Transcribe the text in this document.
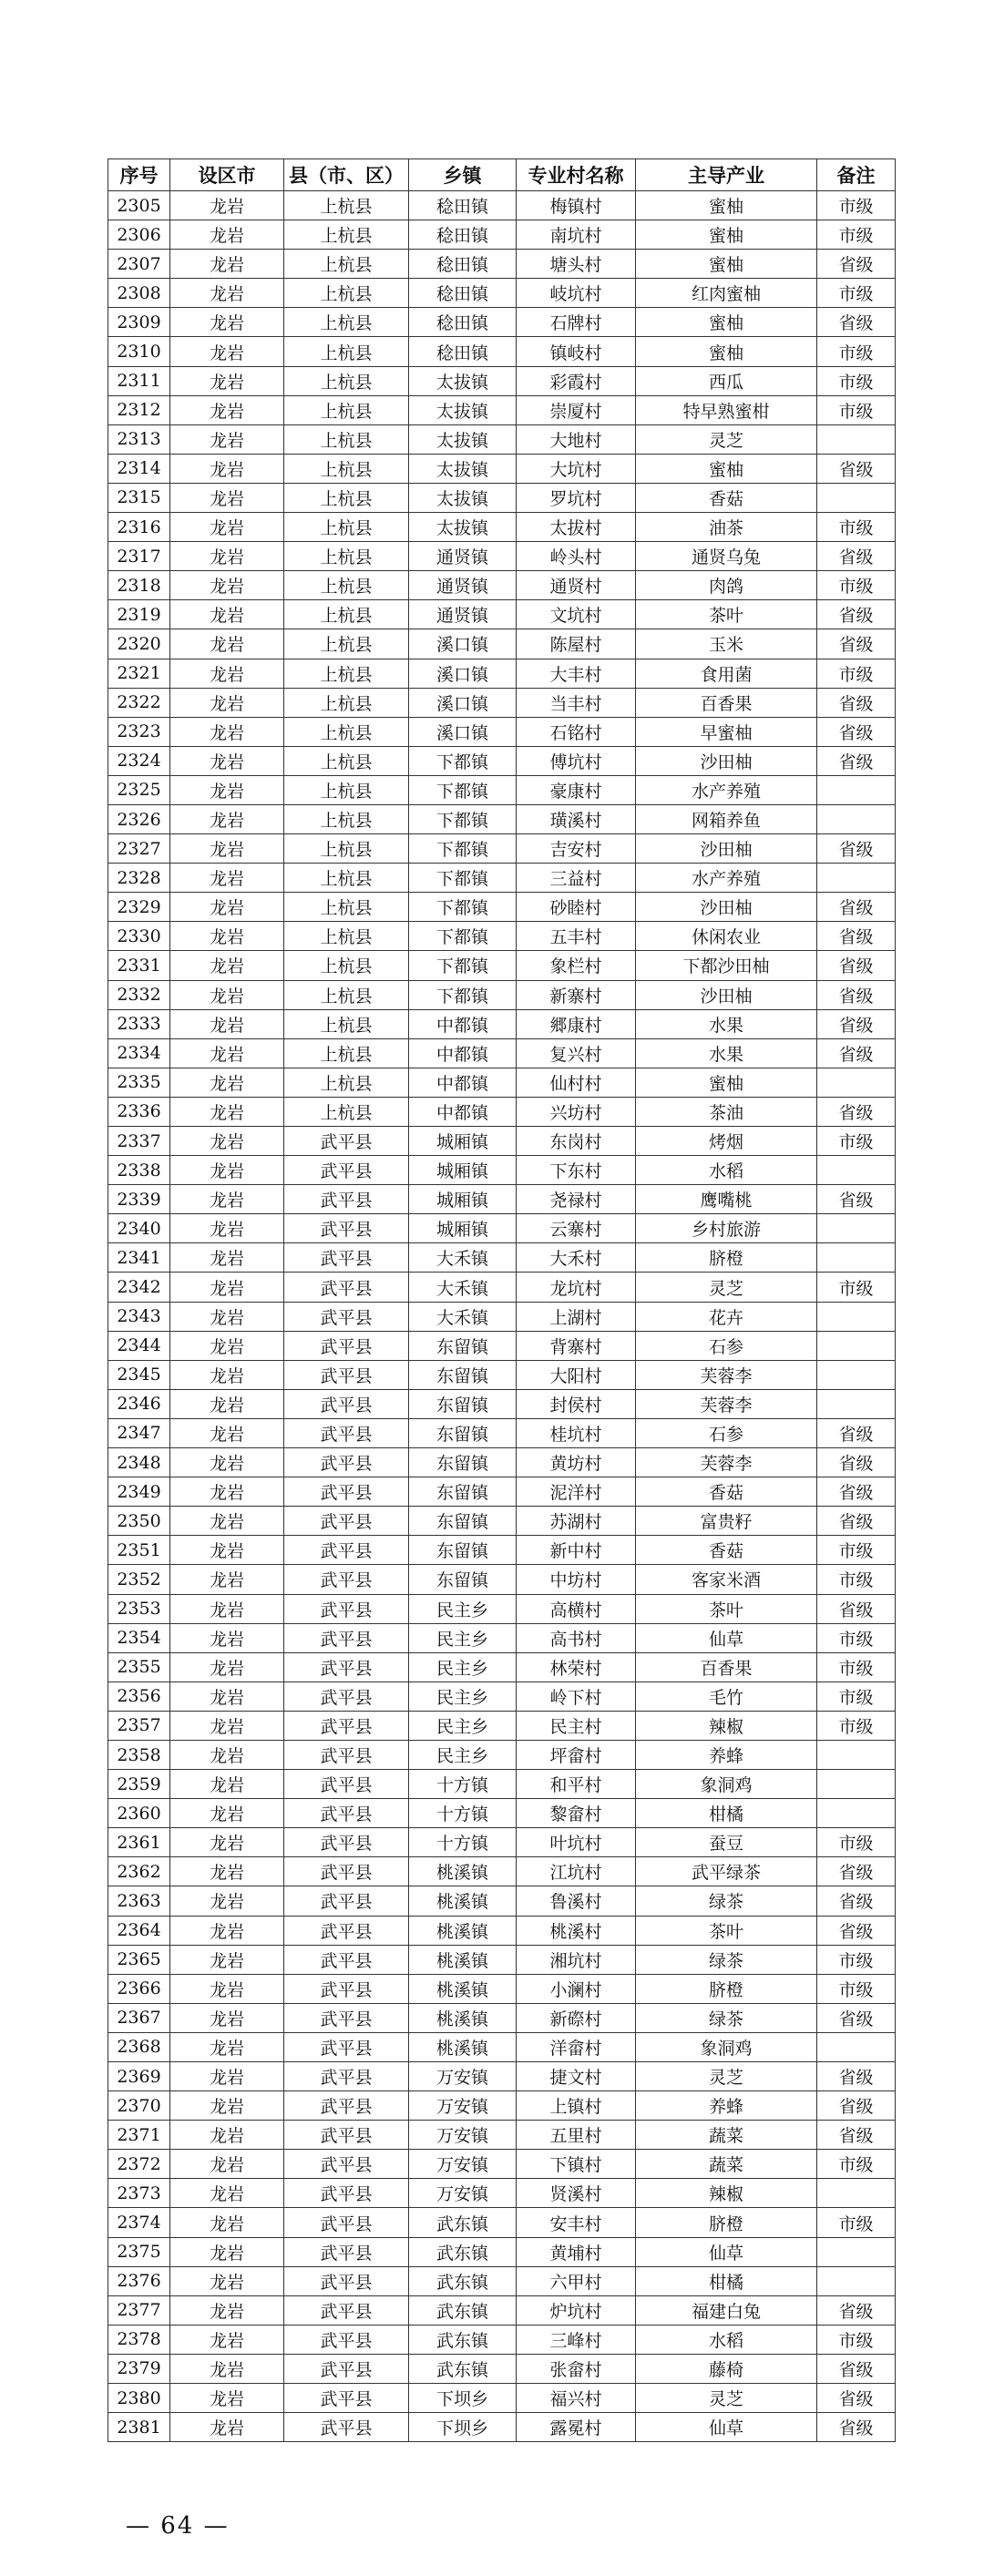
序号	设区市	县（市、区）	乡镇	专业村名称	主导产业	备注
2305	龙岩	上杭县	稔田镇	梅镇村	蜜柚	市级
2306	龙岩	上杭县	稔田镇	南坑村	蜜柚	市级
2307	龙岩	上杭县	稔田镇	塘头村	蜜柚	省级
2308	龙岩	上杭县	稔田镇	岐坑村	红肉蜜柚	市级
2309	龙岩	上杭县	稔田镇	石牌村	蜜柚	省级
2310	龙岩	上杭县	稔田镇	镇岐村	蜜柚	市级
2311	龙岩	上杭县	太拔镇	彩霞村	西瓜	市级
2312	龙岩	上杭县	太拔镇	崇厦村	特早熟蜜柑	市级
2313	龙岩	上杭县	太拔镇	大地村	灵芝	
2314	龙岩	上杭县	太拔镇	大坑村	蜜柚	省级
2315	龙岩	上杭县	太拔镇	罗坑村	香菇	
2316	龙岩	上杭县	太拔镇	太拔村	油茶	市级
2317	龙岩	上杭县	通贤镇	岭头村	通贤乌兔	省级
2318	龙岩	上杭县	通贤镇	通贤村	肉鸽	市级
2319	龙岩	上杭县	通贤镇	文坑村	茶叶	省级
2320	龙岩	上杭县	溪口镇	陈屋村	玉米	省级
2321	龙岩	上杭县	溪口镇	大丰村	食用菌	市级
2322	龙岩	上杭县	溪口镇	当丰村	百香果	省级
2323	龙岩	上杭县	溪口镇	石铭村	早蜜柚	省级
2324	龙岩	上杭县	下都镇	傅坑村	沙田柚	省级
2325	龙岩	上杭县	下都镇	豪康村	水产养殖	
2326	龙岩	上杭县	下都镇	璜溪村	网箱养鱼	
2327	龙岩	上杭县	下都镇	吉安村	沙田柚	省级
2328	龙岩	上杭县	下都镇	三益村	水产养殖	
2329	龙岩	上杭县	下都镇	砂睦村	沙田柚	省级
2330	龙岩	上杭县	下都镇	五丰村	休闲农业	省级
2331	龙岩	上杭县	下都镇	象栏村	下都沙田柚	省级
2332	龙岩	上杭县	下都镇	新寨村	沙田柚	省级
2333	龙岩	上杭县	中都镇	郷康村	水果	省级
2334	龙岩	上杭县	中都镇	复兴村	水果	省级
2335	龙岩	上杭县	中都镇	仙村村	蜜柚	
2336	龙岩	上杭县	中都镇	兴坊村	茶油	省级
2337	龙岩	武平县	城厢镇	东岗村	烤烟	市级
2338	龙岩	武平县	城厢镇	下东村	水稻	
2339	龙岩	武平县	城厢镇	尧禄村	鹰嘴桃	省级
2340	龙岩	武平县	城厢镇	云寨村	乡村旅游	
2341	龙岩	武平县	大禾镇	大禾村	脐橙	
2342	龙岩	武平县	大禾镇	龙坑村	灵芝	市级
2343	龙岩	武平县	大禾镇	上湖村	花卉	
2344	龙岩	武平县	东留镇	背寨村	石参	
2345	龙岩	武平县	东留镇	大阳村	芙蓉李	
2346	龙岩	武平县	东留镇	封侯村	芙蓉李	
2347	龙岩	武平县	东留镇	桂坑村	石参	省级
2348	龙岩	武平县	东留镇	黄坊村	芙蓉李	省级
2349	龙岩	武平县	东留镇	泥洋村	香菇	省级
2350	龙岩	武平县	东留镇	苏湖村	富贵籽	省级
2351	龙岩	武平县	东留镇	新中村	香菇	市级
2352	龙岩	武平县	东留镇	中坊村	客家米酒	市级
2353	龙岩	武平县	民主乡	高横村	茶叶	省级
2354	龙岩	武平县	民主乡	高书村	仙草	市级
2355	龙岩	武平县	民主乡	林荣村	百香果	市级
2356	龙岩	武平县	民主乡	岭下村	毛竹	市级
2357	龙岩	武平县	民主乡	民主村	辣椒	市级
2358	龙岩	武平县	民主乡	坪畲村	养蜂	
2359	龙岩	武平县	十方镇	和平村	象洞鸡	
2360	龙岩	武平县	十方镇	黎畲村	柑橘	
2361	龙岩	武平县	十方镇	叶坑村	蚕豆	市级
2362	龙岩	武平县	桃溪镇	江坑村	武平绿茶	省级
2363	龙岩	武平县	桃溪镇	鲁溪村	绿茶	省级
2364	龙岩	武平县	桃溪镇	桃溪村	茶叶	省级
2365	龙岩	武平县	桃溪镇	湘坑村	绿茶	市级
2366	龙岩	武平县	桃溪镇	小澜村	脐橙	市级
2367	龙岩	武平县	桃溪镇	新磜村	绿茶	省级
2368	龙岩	武平县	桃溪镇	洋畲村	象洞鸡	
2369	龙岩	武平县	万安镇	捷文村	灵芝	省级
2370	龙岩	武平县	万安镇	上镇村	养蜂	省级
2371	龙岩	武平县	万安镇	五里村	蔬菜	省级
2372	龙岩	武平县	万安镇	下镇村	蔬菜	市级
2373	龙岩	武平县	万安镇	贤溪村	辣椒	
2374	龙岩	武平县	武东镇	安丰村	脐橙	市级
2375	龙岩	武平县	武东镇	黄埔村	仙草	
2376	龙岩	武平县	武东镇	六甲村	柑橘	
2377	龙岩	武平县	武东镇	炉坑村	福建白兔	省级
2378	龙岩	武平县	武东镇	三峰村	水稻	市级
2379	龙岩	武平县	武东镇	张畲村	藤椅	省级
2380	龙岩	武平县	下坝乡	福兴村	灵芝	省级
2381	龙岩	武平县	下坝乡	露冕村	仙草	省级
— 64 —
